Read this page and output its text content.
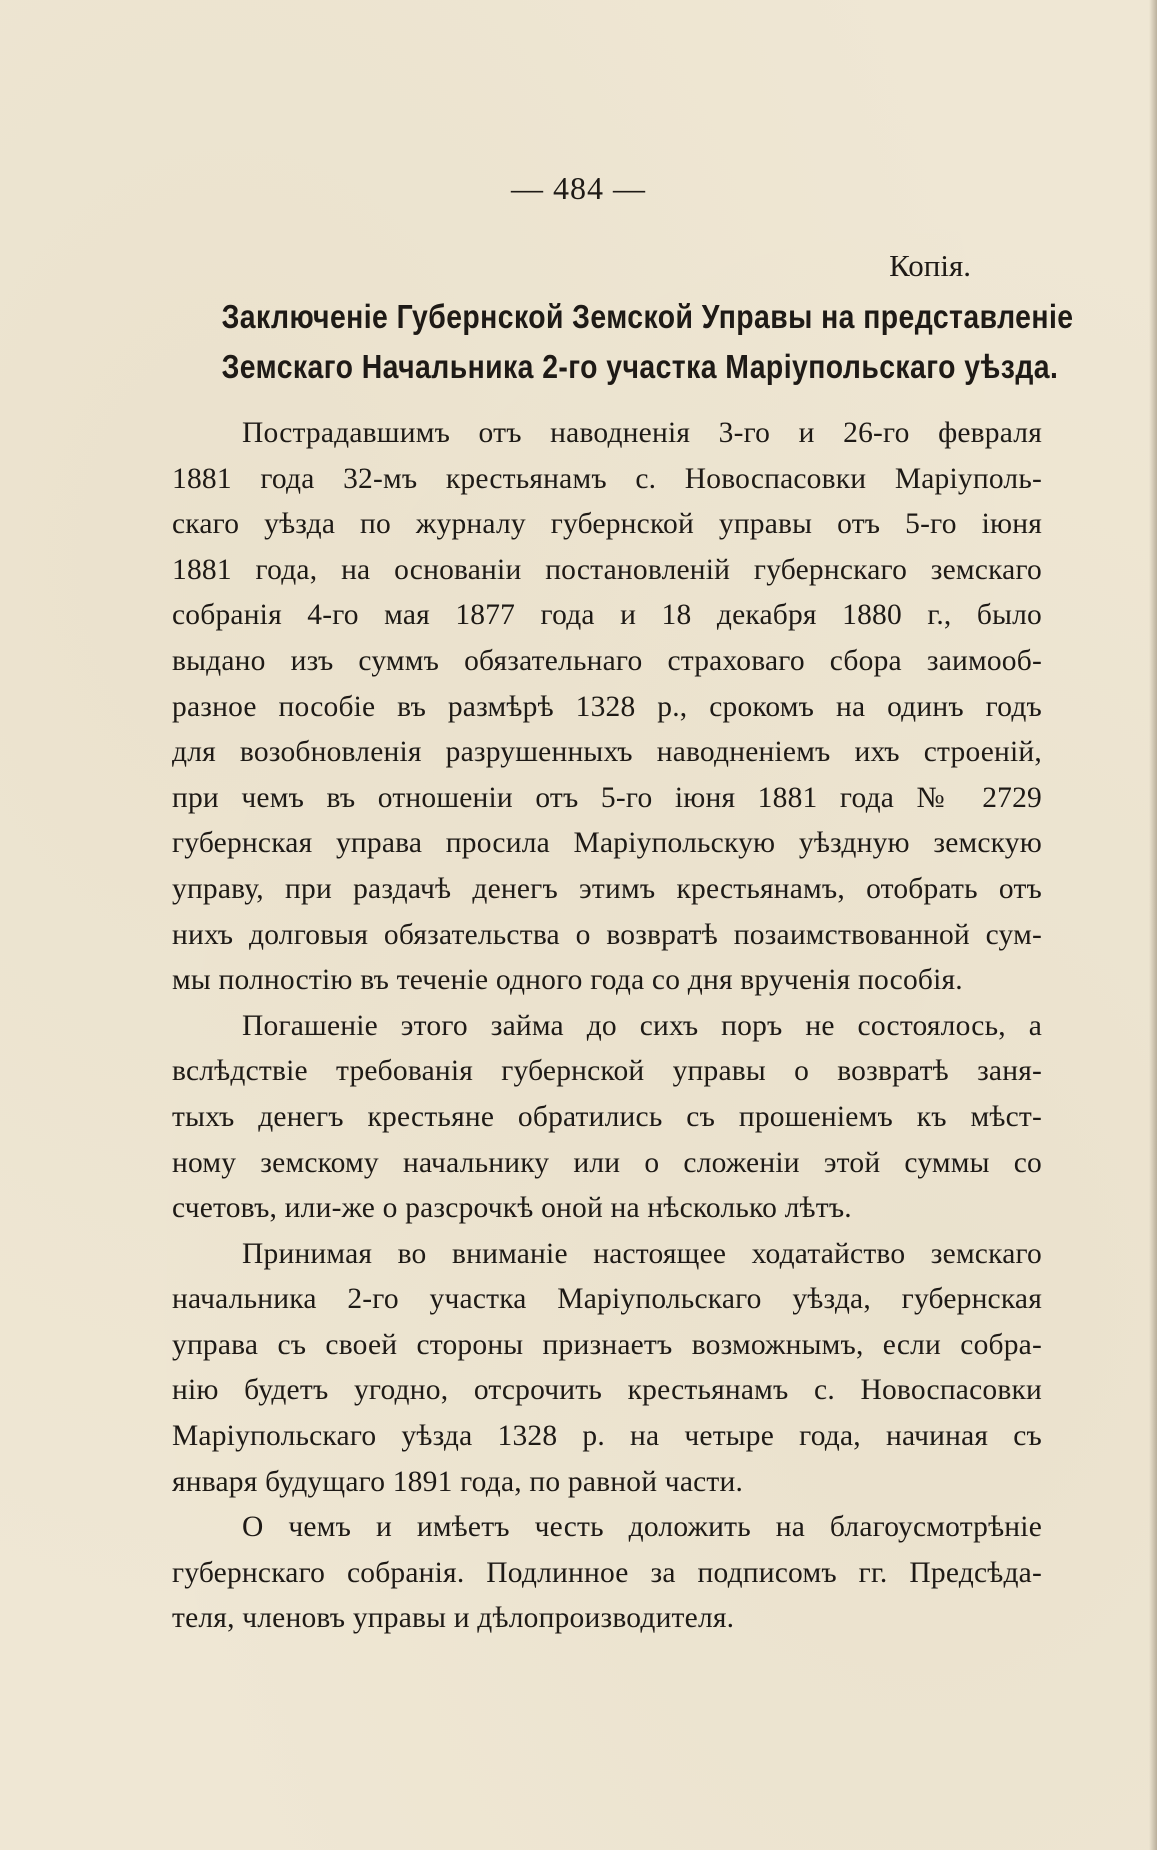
— 484 —
Копія.
Заключеніе Губернской Земской Управы на представленіе
Земскаго Начальника 2-го участка Маріупольскаго уѣзда.
Пострадавшимъ отъ наводненія 3-го и 26-го февраля
1881 года 32-мъ крестьянамъ с. Новоспасовки Маріуполь-
скаго уѣзда по журналу губернской управы отъ 5-го іюня
1881 года, на основаніи постановленій губернскаго земскаго
собранія 4-го мая 1877 года и 18 декабря 1880 г., было
выдано изъ суммъ обязательнаго страховаго сбора заимооб-
разное пособіе въ размѣрѣ 1328 р., срокомъ на одинъ годъ
для возобновленія разрушенныхъ наводненіемъ ихъ строеній,
при чемъ въ отношеніи отъ 5-го іюня 1881 года № 2729
губернская управа просила Маріупольскую уѣздную земскую
управу, при раздачѣ денегъ этимъ крестьянамъ, отобрать отъ
нихъ долговыя обязательства о возвратѣ позаимствованной сум-
мы полностію въ теченіе одного года со дня врученія пособія.
Погашеніе этого займа до сихъ поръ не состоялось, а
вслѣдствіе требованія губернской управы о возвратѣ заня-
тыхъ денегъ крестьяне обратились съ прошеніемъ къ мѣст-
ному земскому начальнику или о сложеніи этой суммы со
счетовъ, или-же о разсрочкѣ оной на нѣсколько лѣтъ.
Принимая во вниманіе настоящее ходатайство земскаго
начальника 2-го участка Маріупольскаго уѣзда, губернская
управа съ своей стороны признаетъ возможнымъ, если собра-
нію будетъ угодно, отсрочить крестьянамъ с. Новоспасовки
Маріупольскаго уѣзда 1328 р. на четыре года, начиная съ
января будущаго 1891 года, по равной части.
О чемъ и имѣетъ честь доложить на благоусмотрѣніе
губернскаго собранія. Подлинное за подписомъ гг. Предсѣда-
теля, членовъ управы и дѣлопроизводителя.
